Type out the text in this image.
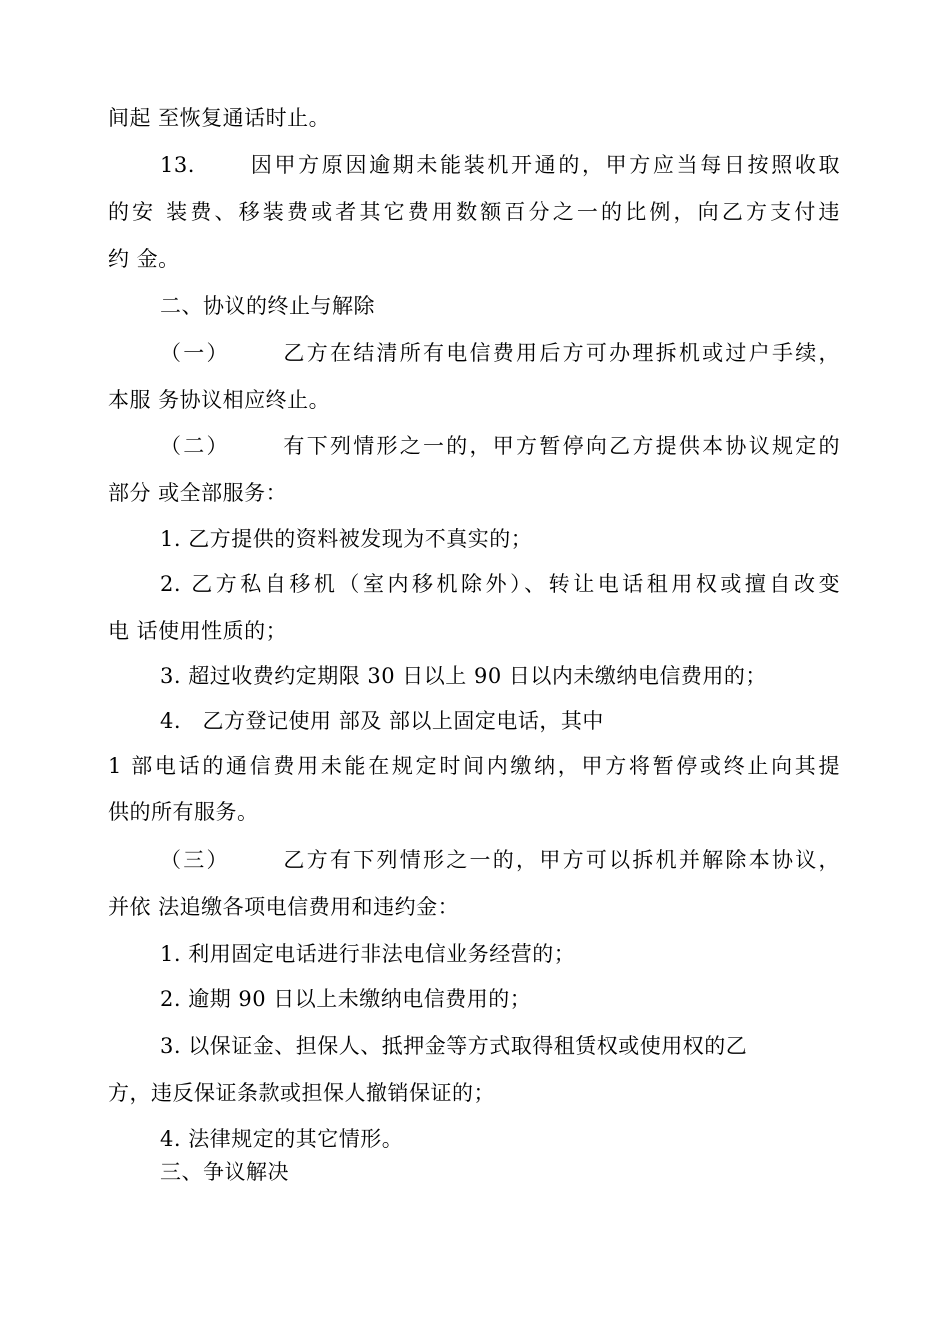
间起 至恢复通话时止。
13.      因甲方原因逾期未能装机开通的，甲方应当每日按照收取
的安 装费、移装费或者其它费用数额百分之一的比例，向乙方支付违
约 金。
二、协议的终止与解除
（一）      乙方在结清所有电信费用后方可办理拆机或过户手续，
本服 务协议相应终止。
（二）      有下列情形之一的，甲方暂停向乙方提供本协议规定的
部分 或全部服务：
1. 乙方提供的资料被发现为不真实的；
2. 乙方私自移机（室内移机除外）、转让电话租用权或擅自改变
电 话使用性质的；
3. 超过收费约定期限 30 日以上 90 日以内未缴纳电信费用的；
4.   乙方登记使用 部及 部以上固定电话，其中
1 部电话的通信费用未能在规定时间内缴纳，甲方将暂停或终止向其提
供的所有服务。
（三）      乙方有下列情形之一的，甲方可以拆机并解除本协议，
并依 法追缴各项电信费用和违约金：
1. 利用固定电话进行非法电信业务经营的；
2. 逾期 90 日以上未缴纳电信费用的；
3. 以保证金、担保人、抵押金等方式取得租赁权或使用权的乙
方，违反保证条款或担保人撤销保证的；
4. 法律规定的其它情形。
三、争议解决
